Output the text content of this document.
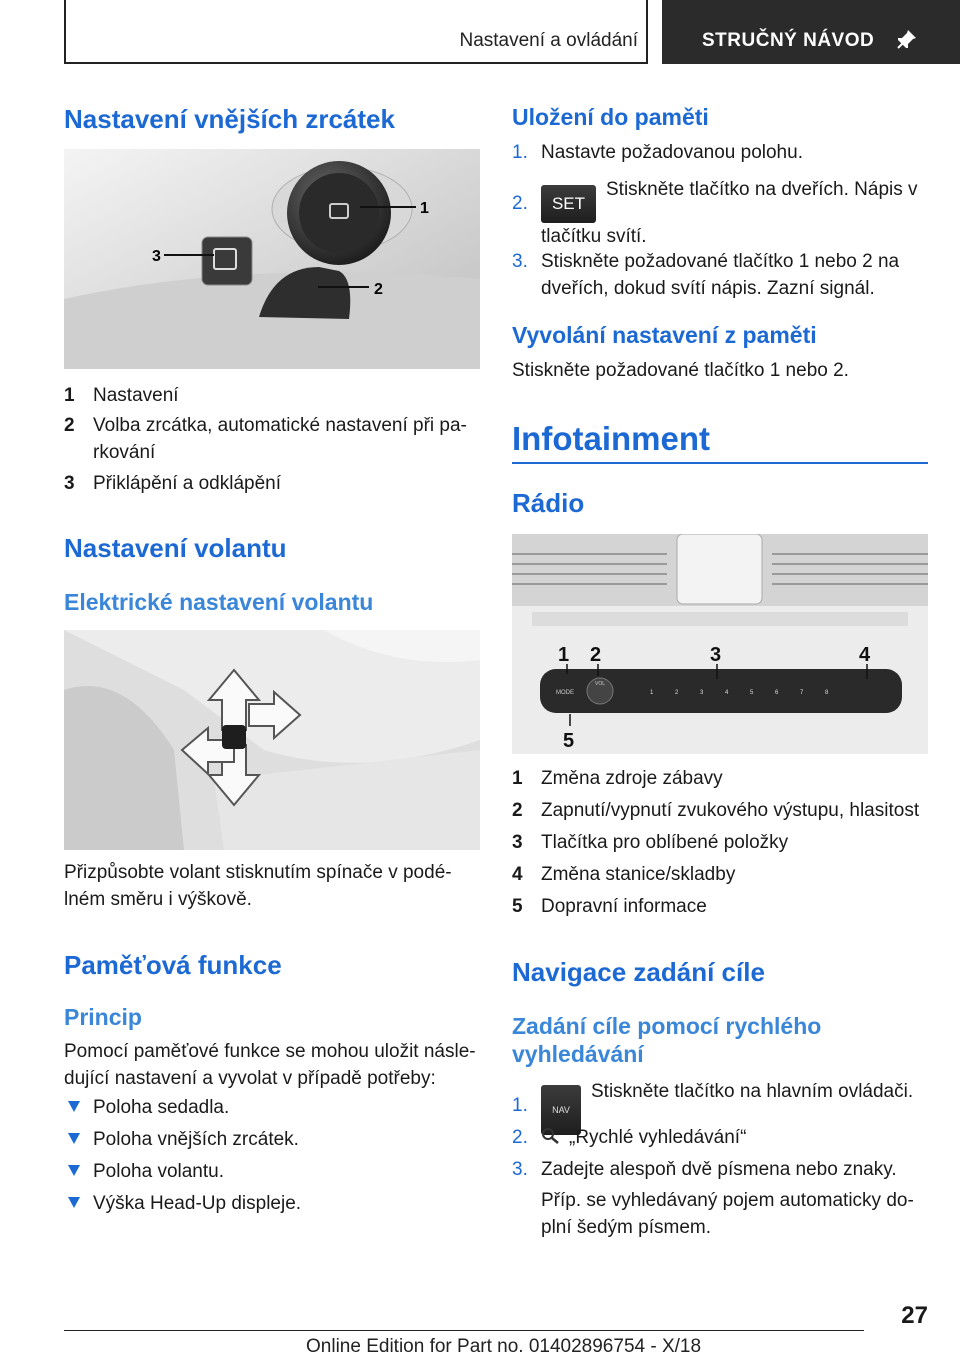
Nastavení a ovládání	STRUČNÝ NÁVOD
Nastavení vnějších zrcátek
1
2
3
1 Nastavení
2 Volba zrcátka, automatické nastavení při pa-rkování
3 Přiklápění a odklápění
Nastavení volantu
Elektrické nastavení volantu
Přizpůsobte volant stisknutím spínače v podé-lném směru i výškově.
Paměťová funkce
Princip
Pomocí paměťové funkce se mohou uložit násle-dující nastavení a vyvolat v případě potřeby:
Poloha sedadla.
Poloha vnějších zrcátek.
Poloha volantu.
Výška Head-Up displeje.
Uložení do paměti
1. Nastavte požadovanou polohu.
2.	SETStiskněte tlačítko na dveřích. Nápis v tlačítku svítí.
3. Stiskněte požadované tlačítko 1 nebo 2 na dveřích, dokud svítí nápis. Zazní signál.
Vyvolání nastavení z paměti
Stiskněte požadované tlačítko 1 nebo 2.
Infotainment
Rádio
MODE
VOL
1	2	3	4	5	6	7	8
1 2	3	4
5
1 Změna zdroje zábavy
2 Zapnutí/vypnutí zvukového výstupu, hlasitost
3 Tlačítka pro oblíbené položky
4 Změna stanice/skladby
5 Dopravní informace
Navigace zadání cíle
Zadání cíle pomocí rychlého vyhledávání
1.	NAVStiskněte tlačítko na hlavním ovládači.
2.	„Rychlé vyhledávání“
3. Zadejte alespoň dvě písmena nebo znaky.
Příp. se vyhledávaný pojem automaticky do-plní šedým písmem.
27
Online Edition for Part no. 01402896754 - X/18
